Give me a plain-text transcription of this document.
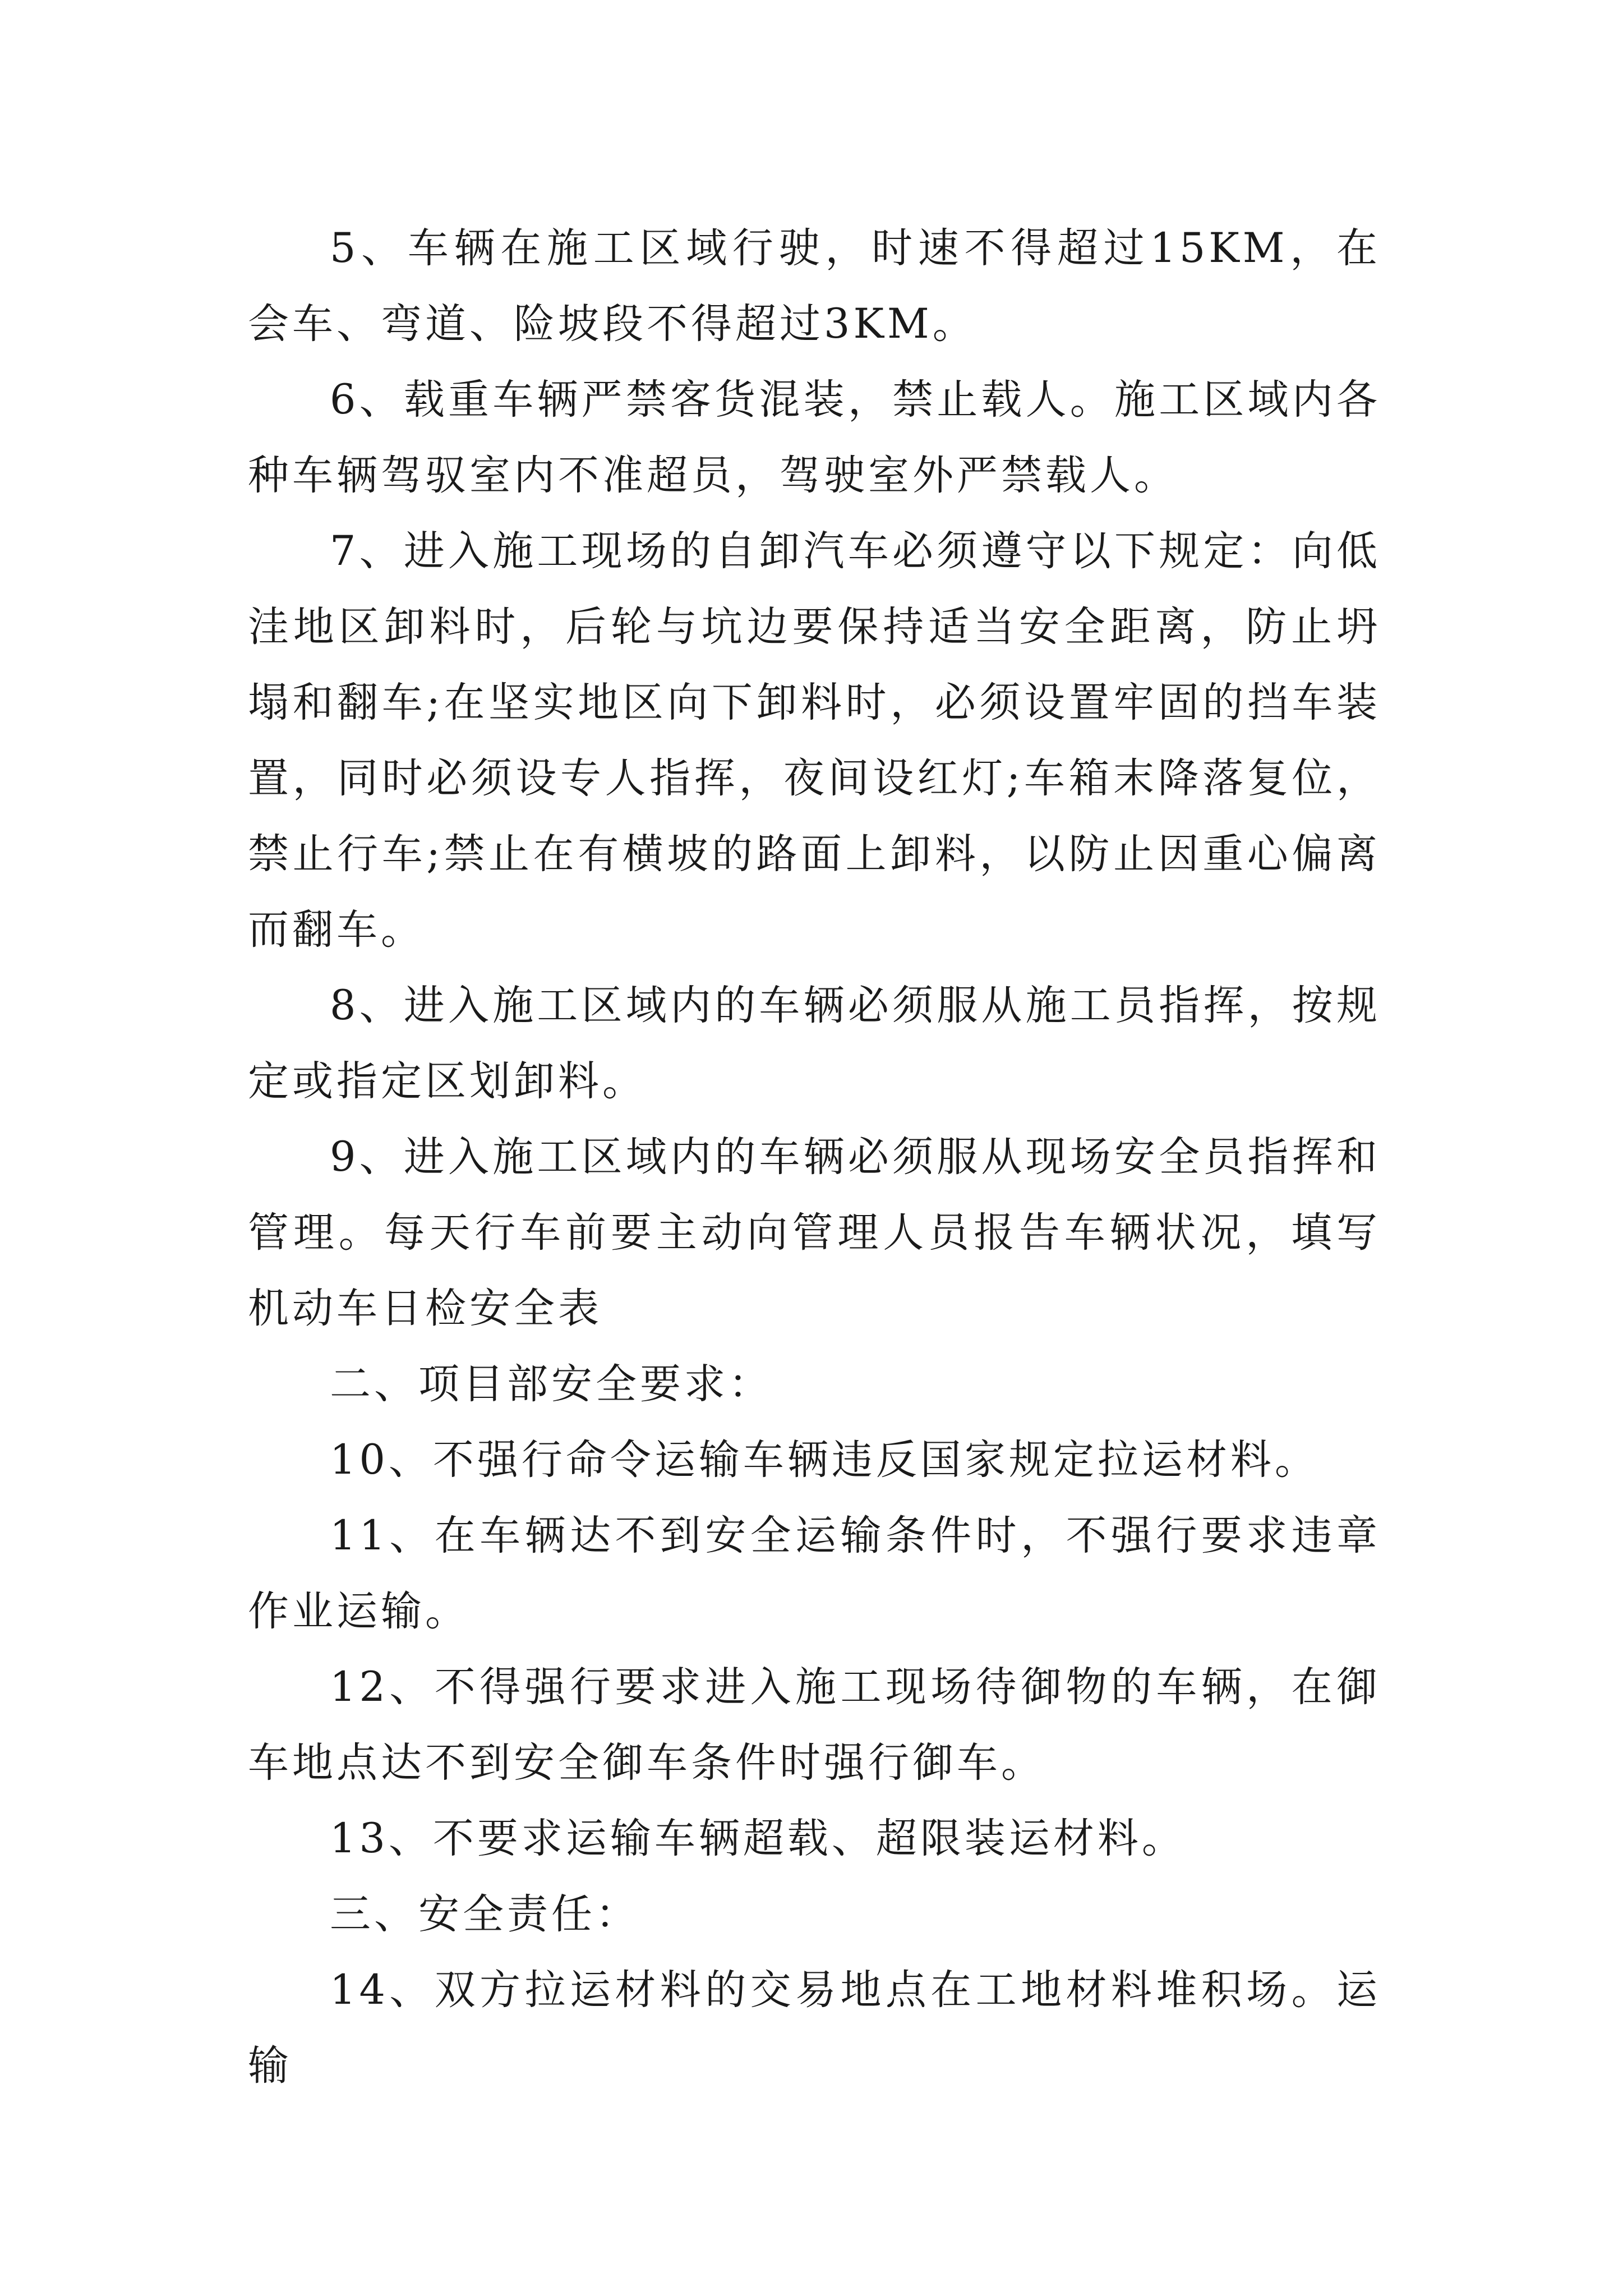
5、车辆在施工区域行驶，时速不得超过15KM，在会车、弯道、险坡段不得超过3KM。

6、载重车辆严禁客货混装，禁止载人。施工区域内各种车辆驾驭室内不准超员，驾驶室外严禁载人。

7、进入施工现场的自卸汽车必须遵守以下规定：向低洼地区卸料时，后轮与坑边要保持适当安全距离，防止坍塌和翻车;在坚实地区向下卸料时，必须设置牢固的挡车装置，同时必须设专人指挥，夜间设红灯;车箱末降落复位，禁止行车;禁止在有横坡的路面上卸料，以防止因重心偏离而翻车。

8、进入施工区域内的车辆必须服从施工员指挥，按规定或指定区划卸料。

9、进入施工区域内的车辆必须服从现场安全员指挥和管理。每天行车前要主动向管理人员报告车辆状况，填写机动车日检安全表

二、项目部安全要求：

10、不强行命令运输车辆违反国家规定拉运材料。

11、在车辆达不到安全运输条件时，不强行要求违章作业运输。

12、不得强行要求进入施工现场待御物的车辆，在御车地点达不到安全御车条件时强行御车。

13、不要求运输车辆超载、超限装运材料。

三、安全责任：

14、双方拉运材料的交易地点在工地材料堆积场。运输
